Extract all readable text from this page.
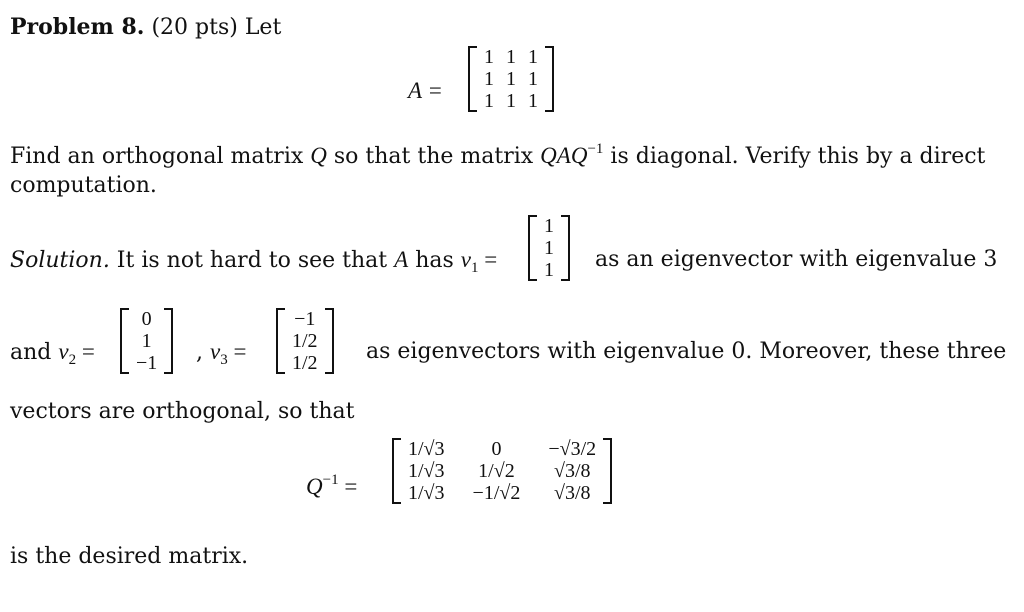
Problem 8. (20 pts) Let
A =
1	1	1
1	1	1
1	1	1
Find an orthogonal matrix Q so that the matrix $QAQ^{-1}$ is diagonal. Verify this by a direct
computation.
Solution. It is not hard to see that A has $v_1$ =
1
1
1 as an eigenvector with eigenvalue 3
and $v_2$ =
0
1
−1 , $v_3$ =
−1
1/2
1/2 as eigenvectors with eigenvalue 0. Moreover, these three
vectors are orthogonal, so that
$Q^{-1}$ =
1/√3	0	−√3/2
1/√3	1/√2	√3/8
1/√3	−1/√2	√3/8
is the desired matrix.
